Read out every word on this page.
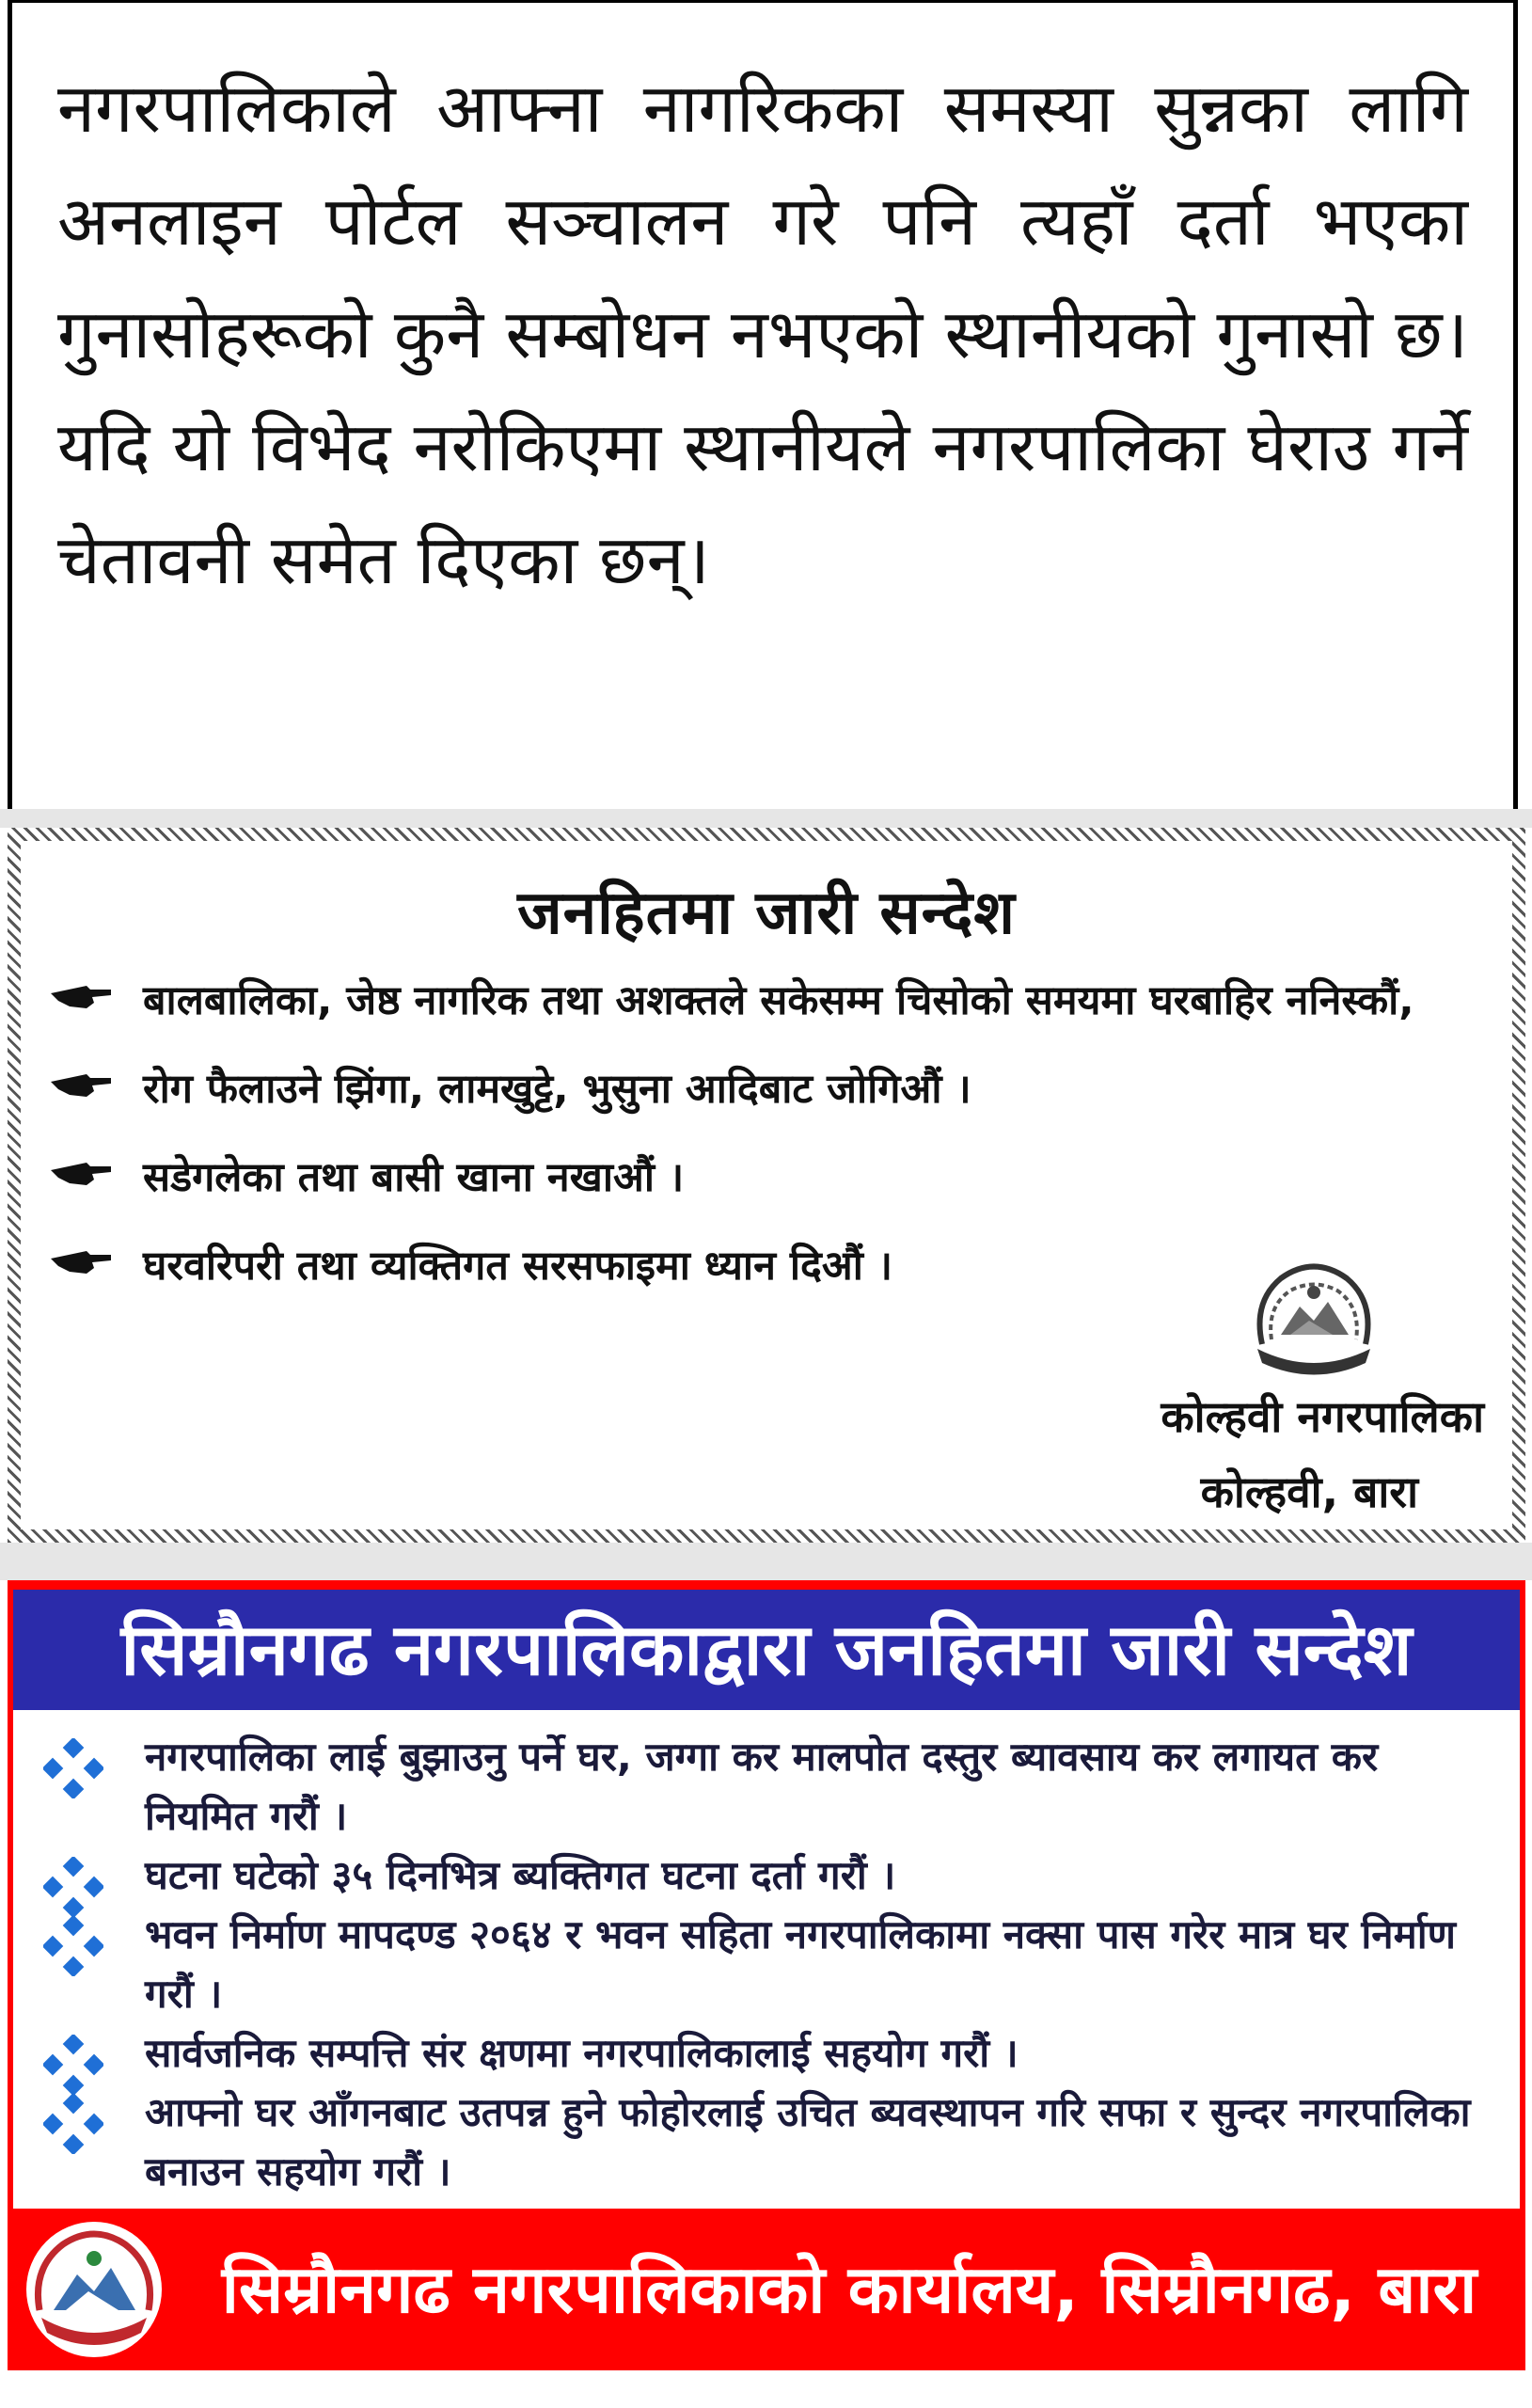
नगरपालिकाले आफ्ना नागरिकका समस्या सुन्नका लागि अनलाइन पोर्टल सञ्चालन गरे पनि त्यहाँ दर्ता भएका गुनासोहरूको कुनै सम्बोधन नभएको स्थानीयको गुनासो छ। यदि यो विभेद नरोकिएमा स्थानीयले नगरपालिका घेराउ गर्ने चेतावनी समेत दिएका छन्।

जनहितमा जारी सन्देश
बालबालिका, जेष्ठ नागरिक तथा अशक्तले सकेसम्म चिसोको समयमा घरबाहिर ननिस्कौं,
रोग फैलाउने झिंगा, लामखुट्टे, भुसुना आदिबाट जोगिऔं ।
सडेगलेका तथा बासी खाना नखाऔं ।
घरवरिपरी तथा व्यक्तिगत सरसफाइमा ध्यान दिऔं ।
कोल्हवी नगरपालिका
कोल्हवी, बारा
सिम्रौनगढ नगरपालिकाद्वारा जनहितमा जारी सन्देश
नगरपालिका लाई बुझाउनु पर्ने घर, जग्गा कर मालपोत दस्तुर ब्यावसाय कर लगायत कर नियमित गरौं ।
घटना घटेको ३५ दिनभित्र ब्यक्तिगत घटना दर्ता गरौं ।
भवन निर्माण मापदण्ड २०६४ र भवन सहिता नगरपालिकामा नक्सा पास गरेर मात्र घर निर्माण गरौं ।
सार्वजनिक सम्पत्ति संर क्षणमा नगरपालिकालाई सहयोग गरौं ।
आफ्नो घर आँगनबाट उतपन्न हुने फोहोरलाई उचित ब्यवस्थापन गरि सफा र सुन्दर नगरपालिका बनाउन सहयोग गरौं ।
सिम्रौनगढ नगरपालिकाको कार्यालय, सिम्रौनगढ, बारा
